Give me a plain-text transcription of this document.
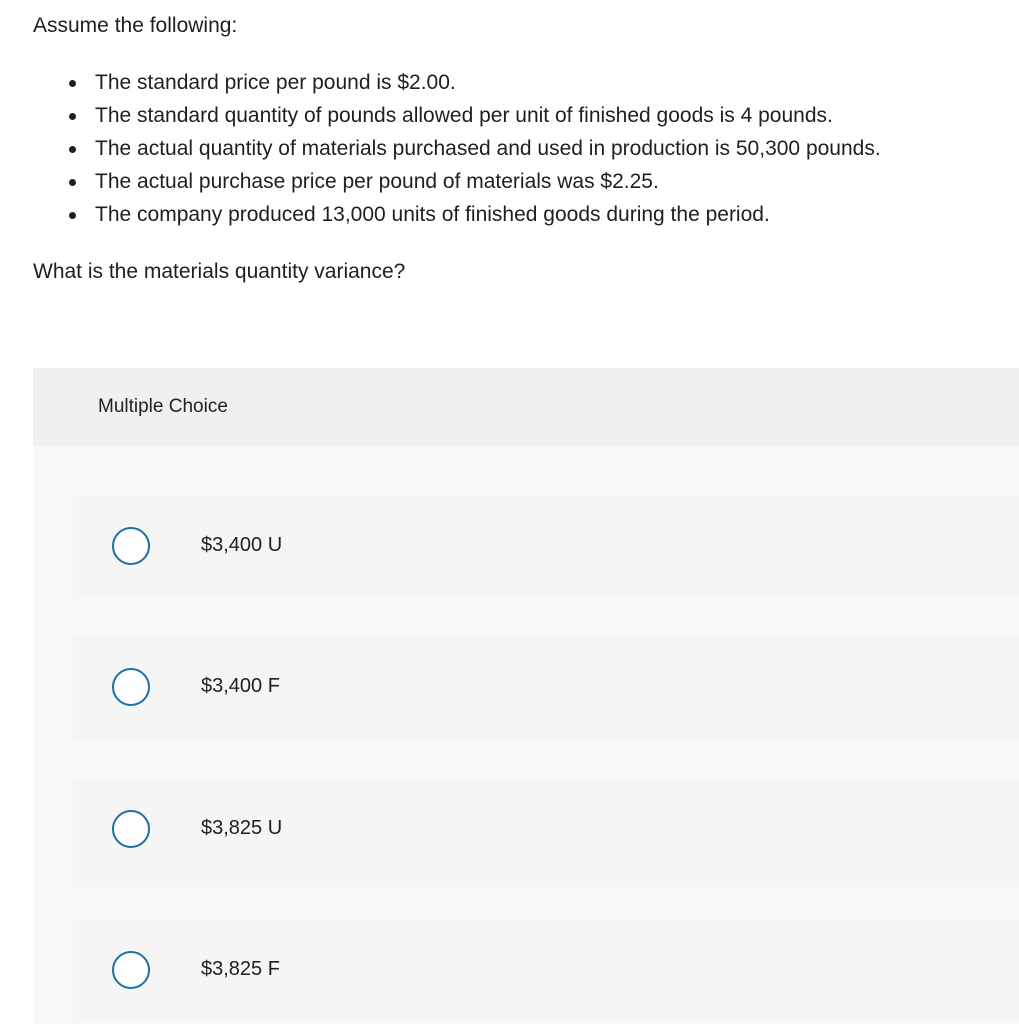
Assume the following:
The standard price per pound is $2.00.
The standard quantity of pounds allowed per unit of finished goods is 4 pounds.
The actual quantity of materials purchased and used in production is 50,300 pounds.
The actual purchase price per pound of materials was $2.25.
The company produced 13,000 units of finished goods during the period.
What is the materials quantity variance?
Multiple Choice
$3,400 U
$3,400 F
$3,825 U
$3,825 F
